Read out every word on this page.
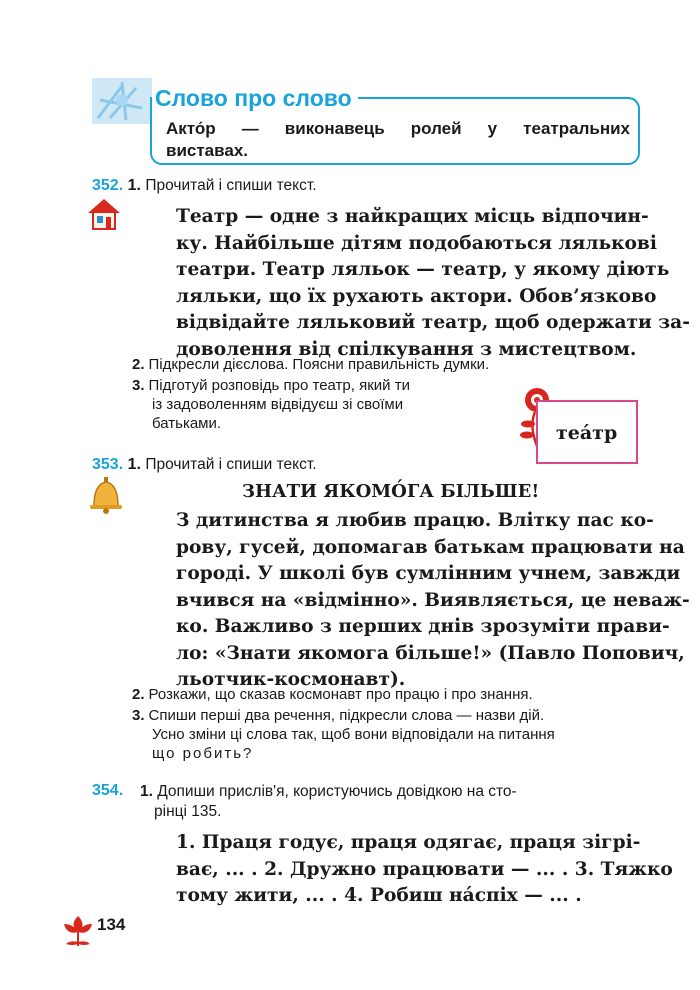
Слово про слово
Акто́р — виконавець ролей у театральних
виставах.
352. 1. Прочитай і спиши текст.
Театр — одне з найкращих місць відпочин-
ку. Найбільше дітям подобаються лялькові
театри. Театр ляльок — театр, у якому діють
ляльки, що їх рухають актори. Обов’язково
відвідайте ляльковий театр, щоб одержати за-
доволення від спілкування з мистецтвом.
2. Підкресли дієслова. Поясни правильність думки.
3. Підготуй розповідь про театр, який ти
із задоволенням відвідуєш зі своїми
батьками.	теа́тр
353. 1. Прочитай і спиши текст.
ЗНАТИ ЯКОМО́ГА БІЛЬШЕ!
З дитинства я любив працю. Влітку пас ко-
рову, гусей, допомагав батькам працювати на
городі. У школі був сумлінним учнем, завжди
вчився на «відмінно». Виявляється, це неваж-
ко. Важливо з перших днів зрозуміти прави-
ло: «Знати якомога більше!» (Павло Попович,
льотчик-космонавт).
2. Розкажи, що сказав космонавт про працю і про знання.
3. Спиши перші два речення, підкресли слова — назви дій.
Усно зміни ці слова так, щоб вони відповідали на питання
що робить?
354.	1. Допиши прислів'я, користуючись довідкою на сто-
рінці 135.
1. Праця годує, праця одягає, праця зігрі-
ває, ... . 2. Дружно працювати — ... . 3. Тяжко
тому жити, ... . 4. Робиш на́спіх — ... .
134
